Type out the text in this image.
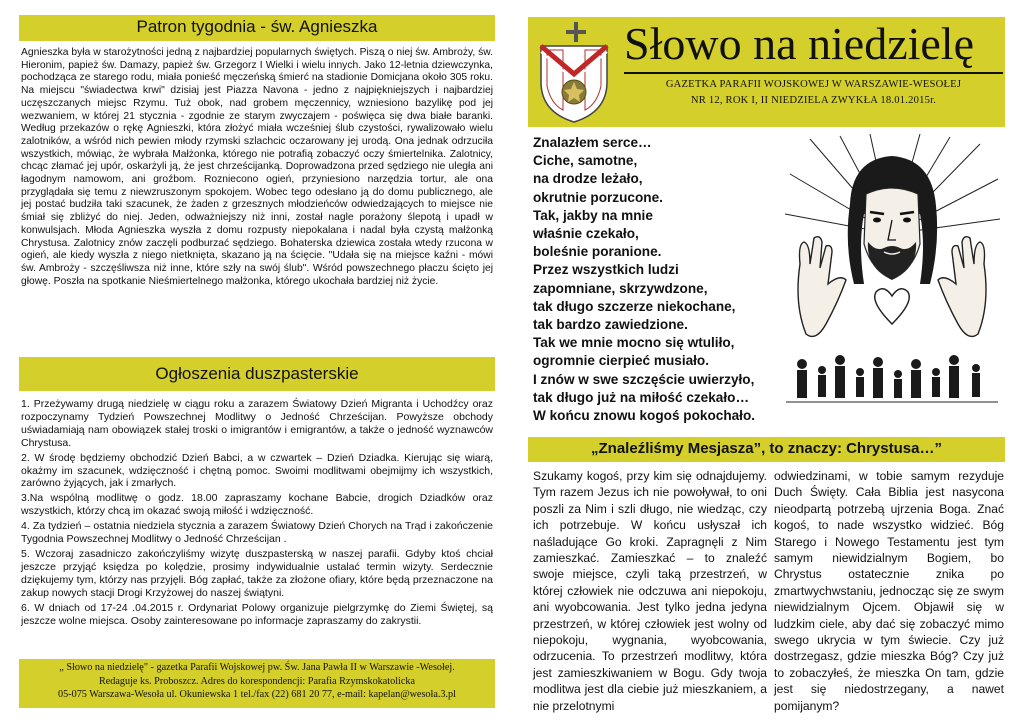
Patron tygodnia - św. Agnieszka

Agnieszka była w starożytności jedną z najbardziej popularnych świętych. Piszą o niej św. Ambroży, św. Hieronim, papież św. Damazy, papież św. Grzegorz I Wielki i wielu innych. Jako 12-letnia dziewczynka, pochodząca ze starego rodu, miała ponieść męczeńską śmierć na stadionie Domicjana około 305 roku. Na miejscu "świadectwa krwi" dzisiaj jest Piazza Navona - jedno z najpiękniejszych i najbardziej uczęszczanych miejsc Rzymu. Tuż obok, nad grobem męczennicy, wzniesiono bazylikę pod jej wezwaniem, w której 21 stycznia - zgodnie ze starym zwyczajem - poświęca się dwa białe baranki. Według przekazów o rękę Agnieszki, która złożyć miała wcześniej ślub czystości, rywalizowało wielu zalotników, a wśród nich pewien młody rzymski szlachcic oczarowany jej urodą. Ona jednak odrzuciła wszystkich, mówiąc, że wybrała Małżonka, którego nie potrafią zobaczyć oczy śmiertelnika. Zalotnicy, chcąc złamać jej upór, oskarżyli ją, że jest chrześcijanką. Doprowadzona przed sędziego nie uległa ani łagodnym namowom, ani groźbom. Rozniecono ogień, przyniesiono narzędzia tortur, ale ona przyglądała się temu z niewzruszonym spokojem. Wobec tego odesłano ją do domu publicznego, ale jej postać budziła taki szacunek, że żaden z grzesznych młodzieńców odwiedzających to miejsce nie śmiał się zbliżyć do niej. Jeden, odważniejszy niż inni, został nagle porażony ślepotą i upadł w konwulsjach. Młoda Agnieszka wyszła z domu rozpusty niepokalana i nadal była czystą małżonką Chrystusa. Zalotnicy znów zaczęli podburzać sędziego. Bohaterska dziewica została wtedy rzucona w ogień, ale kiedy wyszła z niego nietknięta, skazano ją na ścięcie. "Udała się na miejsce kaźni - mówi św. Ambroży - szczęśliwsza niż inne, które szły na swój ślub". Wśród powszechnego płaczu ścięto jej głowę. Poszła na spotkanie Nieśmiertelnego małżonka, którego ukochała bardziej niż życie.

Ogłoszenia duszpasterskie

1. Przeżywamy drugą niedzielę w ciągu roku a zarazem Światowy Dzień Migranta i Uchodźcy oraz rozpoczynamy Tydzień Powszechnej Modlitwy o Jedność Chrześcijan. Powyższe obchody uświadamiają nam obowiązek stałej troski o imigrantów i emigrantów, a także o jedność wyznawców Chrystusa.

2. W środę będziemy obchodzić Dzień Babci, a w czwartek – Dzień Dziadka. Kierując się wiarą, okażmy im szacunek, wdzięczność i chętną pomoc. Swoimi modlitwami obejmijmy ich wszystkich, zarówno żyjących, jak i zmarłych.

3.Na wspólną modlitwę o godz. 18.00 zapraszamy kochane Babcie, drogich Dziadków oraz wszystkich, którzy chcą im okazać swoją miłość i wdzięczność.

4. Za tydzień – ostatnia niedziela stycznia a zarazem Światowy Dzień Chorych na Trąd i zakończenie Tygodnia Powszechnej Modlitwy o Jedność Chrześcijan .

5. Wczoraj zasadniczo zakończyliśmy wizytę duszpasterską w naszej parafii. Gdyby ktoś chciał jeszcze przyjąć księdza po kolędzie, prosimy indywidualnie ustalać termin wizyty. Serdecznie dziękujemy tym, którzy nas przyjęli. Bóg zapłać, także za złożone ofiary, które będą przeznaczone na zakup nowych stacji Drogi Krzyżowej do naszej świątyni.

6. W dniach od 17-24 .04.2015 r. Ordynariat Polowy organizuje pielgrzymkę do Ziemi Świętej, są jeszcze wolne miejsca. Osoby zainteresowane po informacje zapraszamy do zakrystii.

„ Słowo na niedzielę" - gazetka Parafii Wojskowej pw. Św. Jana Pawła II w Warszawie -Wesołej.
Redaguje ks. Proboszcz. Adres do korespondencji: Parafia Rzymskokatolicka
05-075 Warszawa-Wesoła ul. Okuniewska 1 tel./fax (22) 681 20 77, e-mail: kapelan@wesoła.3.pl
Słowo na niedzielę
GAZETKA PARAFII WOJSKOWEJ W WARSZAWIE-WESOŁEJ
NR 12, ROK I, II NIEDZIELA ZWYKŁA 18.01.2015r.
Znalazłem serce…
Ciche, samotne,
na drodze leżało,
okrutnie porzucone.
Tak, jakby na mnie
właśnie czekało,
boleśnie poranione.
Przez wszystkich ludzi
zapomniane, skrzywdzone,
tak długo szczerze niekochane,
tak bardzo zawiedzione.
Tak we mnie mocno się wtuliło,
ogromnie cierpieć musiało.
I znów w swe szczęście uwierzyło,
tak długo już na miłość czekało…
W końcu znowu kogoś pokochało.
„Znaleźliśmy Mesjasza”, to znaczy: Chrystusa…”

Szukamy kogoś, przy kim się odnajdujemy. Tym razem Jezus ich nie powoływał, to oni poszli za Nim i szli długo, nie wiedząc, czy ich potrzebuje. W końcu usłyszał ich naśladujące Go kroki. Zapragnęli z Nim zamieszkać. Zamieszkać – to znaleźć swoje miejsce, czyli taką przestrzeń, w której człowiek nie odczuwa ani niepokoju, ani wyobcowania. Jest tylko jedna jedyna przestrzeń, w której człowiek jest wolny od niepokoju, wygnania, wyobcowania, odrzucenia. To przestrzeń modlitwy, która jest zamieszkiwaniem w Bogu. Gdy twoja modlitwa jest dla ciebie już mieszkaniem, a nie przelotnymi

odwiedzinami, w tobie samym rezyduje Duch Święty. Cała Biblia jest nasycona nieodpartą potrzebą ujrzenia Boga. Znać kogoś, to nade wszystko widzieć. Bóg Starego i Nowego Testamentu jest tym samym niewidzialnym Bogiem, bo Chrystus ostatecznie znika po zmartwychwstaniu, jednocząc się ze swym niewidzialnym Ojcem. Objawił się w ludzkim ciele, aby dać się zobaczyć mimo swego ukrycia w tym świecie. Czy już dostrzegasz, gdzie mieszka Bóg? Czy już to zobaczyłeś, że mieszka On tam, gdzie jest się niedostrzegany, a nawet pomijanym?
